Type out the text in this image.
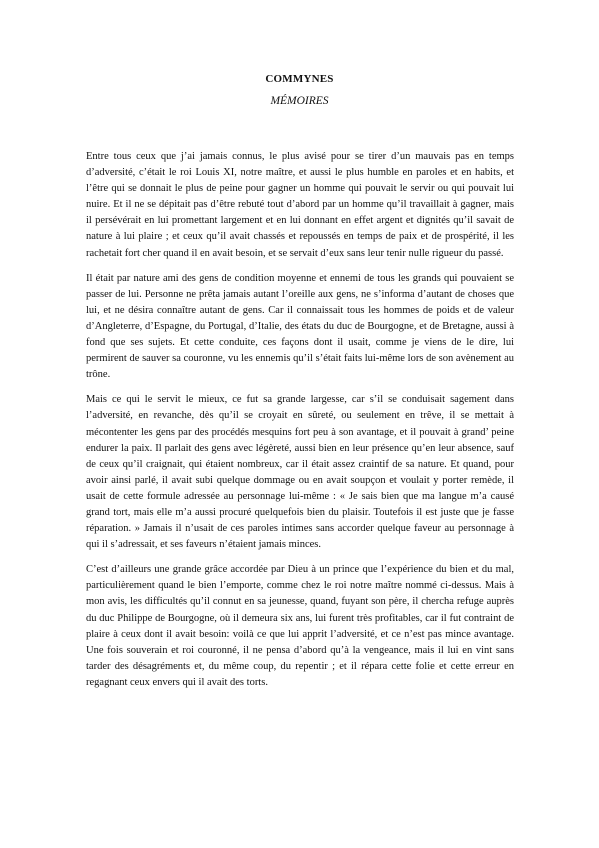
COMMYNES
MÉMOIRES

Entre tous ceux que j’ai jamais connus, le plus avisé pour se tirer d’un mauvais pas en temps d’adversité, c’était le roi Louis XI, notre maître, et aussi le plus humble en paroles et en habits, et l’être qui se donnait le plus de peine pour gagner un homme qui pouvait le servir ou qui pouvait lui nuire. Et il ne se dépitait pas d’être rebuté tout d’abord par un homme qu’il travaillait à gagner, mais il persévérait en lui promettant largement et en lui donnant en effet argent et dignités qu’il savait de nature à lui plaire ; et ceux qu’il avait chassés et repoussés en temps de paix et de prospérité, il les rachetait fort cher quand il en avait besoin, et se servait d’eux sans leur tenir nulle rigueur du passé.

Il était par nature ami des gens de condition moyenne et ennemi de tous les grands qui pouvaient se passer de lui. Personne ne prêta jamais autant l’oreille aux gens, ne s’informa d’autant de choses que lui, et ne désira connaître autant de gens. Car il connaissait tous les hommes de poids et de valeur d’Angleterre, d’Espagne, du Portugal, d’Italie, des états du duc de Bourgogne, et de Bretagne, aussi à fond que ses sujets. Et cette conduite, ces façons dont il usait, comme je viens de le dire, lui permirent de sauver sa couronne, vu les ennemis qu’il s’était faits lui-même lors de son avènement au trône.

Mais ce qui le servit le mieux, ce fut sa grande largesse, car s’il se conduisait sagement dans l’adversité, en revanche, dès qu’il se croyait en sûreté, ou seulement en trêve, il se mettait à mécontenter les gens par des procédés mesquins fort peu à son avantage, et il pouvait à grand’ peine endurer la paix. Il parlait des gens avec légèreté, aussi bien en leur présence qu’en leur absence, sauf de ceux qu’il craignait, qui étaient nombreux, car il était assez craintif de sa nature. Et quand, pour avoir ainsi parlé, il avait subi quelque dommage ou en avait soupçon et voulait y porter remède, il usait de cette formule adressée au personnage lui-même : « Je sais bien que ma langue m’a causé grand tort, mais elle m’a aussi procuré quelquefois bien du plaisir. Toutefois il est juste que je fasse réparation. » Jamais il n’usait de ces paroles intimes sans accorder quelque faveur au personnage à qui il s’adressait, et ses faveurs n’étaient jamais minces.

C’est d’ailleurs une grande grâce accordée par Dieu à un prince que l’expérience du bien et du mal, particulièrement quand le bien l’emporte, comme chez le roi notre maître nommé ci-dessus. Mais à mon avis, les difficultés qu’il connut en sa jeunesse, quand, fuyant son père, il chercha refuge auprès du duc Philippe de Bourgogne, où il demeura six ans, lui furent très profitables, car il fut contraint de plaire à ceux dont il avait besoin: voilà ce que lui apprit l’adversité, et ce n’est pas mince avantage. Une fois souverain et roi couronné, il ne pensa d’abord qu’à la vengeance, mais il lui en vint sans tarder des désagréments et, du même coup, du repentir ; et il répara cette folie et cette erreur en regagnant ceux envers qui il avait des torts.
